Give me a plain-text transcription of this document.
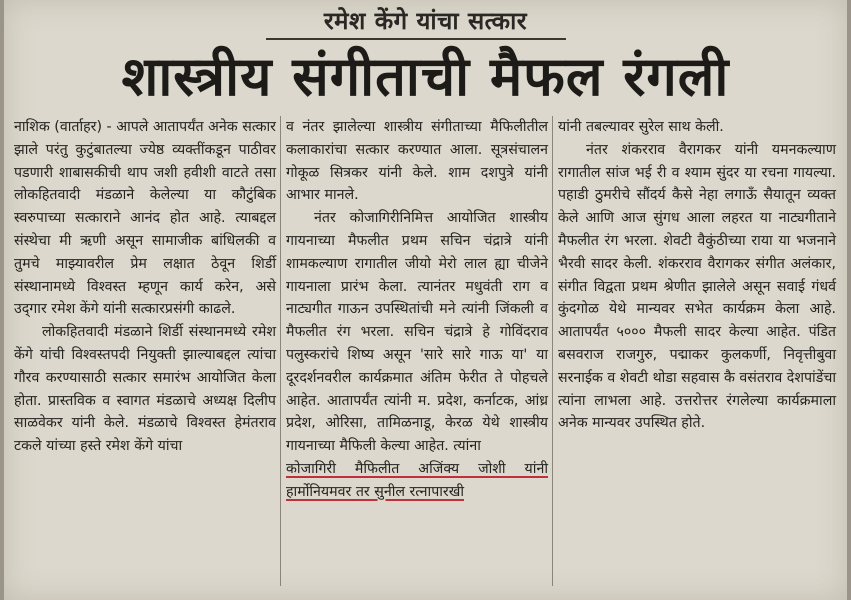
रमेश केंगे यांचा सत्कार
शास्त्रीय संगीताची मैफल रंगली

नाशिक (वार्ताहर) - आपले आतापर्यंत अनेक सत्कार झाले परंतु कुटुंबातल्या ज्येष्ठ व्यक्तींकडून पाठीवर पडणारी शाबासकीची थाप जशी हवीशी वाटते तसा लोकहितवादी मंडळाने केलेल्या या कौटुंबिक स्वरुपाच्या सत्काराने आनंद होत आहे. त्याबद्दल संस्थेचा मी ऋणी असून सामाजीक बांधिलकी व तुमचे माझ्यावरील प्रेम लक्षात ठेवून शिर्डी संस्थानामध्ये विश्वस्त म्हणून कार्य करेन, असे उद्‌गार रमेश केंगे यांनी सत्कारप्रसंगी काढले.

लोकहितवादी मंडळाने शिर्डी संस्थानमध्ये रमेश केंगे यांची विश्वस्तपदी नियुक्ती झाल्याबद्दल त्यांचा गौरव करण्यासाठी सत्कार समारंभ आयोजित केला होता. प्रास्तविक व स्वागत मंडळाचे अध्यक्ष दिलीप साळवेकर यांनी केले. मंडळाचे विश्वस्त हेमंतराव टकले यांच्या हस्ते रमेश केंगे यांचा

व नंतर झालेल्या शास्त्रीय संगीताच्या मैफिलीतील कलाकारांचा सत्कार करण्यात आला. सूत्रसंचालन गोकूळ सित्रकर यांनी केले. शाम दशपुत्रे यांनी आभार मानले.

नंतर कोजागिरीनिमित्त आयोजित शास्त्रीय गायनाच्या मैफलीत प्रथम सचिन चंद्रात्रे यांनी शामकल्याण रागातील जीयो मेरो लाल ह्या चीजेने गायनाला प्रारंभ केला. त्यानंतर मधुवंती राग व नाट्यगीत गाऊन उपस्थितांची मने त्यांनी जिंकली व मैफलीत रंग भरला. सचिन चंद्रात्रे हे गोविंदराव पलुस्करांचे शिष्य असून 'सारे सारे गाऊ या' या दूरदर्शनवरील कार्यक्रमात अंतिम फेरीत ते पोहचले आहेत. आतापर्यंत त्यांनी म. प्रदेश, कर्नाटक, आंध्र प्रदेश, ओरिसा, तामिळनाडू, केरळ येथे शास्त्रीय गायनाच्या मैफिली केल्या आहेत. त्यांना

कोजागिरी मैफिलीत अजिंक्य जोशी यांनी हार्मोनियमवर तर सुनील रत्नापारखी

यांनी तबल्यावर सुरेल साथ केली.

नंतर शंकरराव वैरागकर यांनी यमनकल्याण रागातील सांज भई री व श्याम सुंदर या रचना गायल्या. पहाडी ठुमरीचे सौंदर्य कैसे नेहा लगाऊँ सैयातून व्यक्त केले आणि आज सुंगध आला लहरत या नाट्यगीताने मैफलीत रंग भरला. शेवटी वैकुंठीच्या राया या भजनाने भैरवी सादर केली. शंकरराव वैरागकर संगीत अलंकार, संगीत विद्वता प्रथम श्रेणीत झालेले असून सवाई गंधर्व कुंदगोळ येथे मान्यवर सभेत कार्यक्रम केला आहे. आतापर्यंत ५००० मैफली सादर केल्या आहेत. पंडित बसवराज राजगुरु, पद्माकर कुलकर्णी, निवृत्तीबुवा सरनाईक व शेवटी थोडा सहवास कै वसंतराव देशपांडेंचा त्यांना लाभला आहे. उत्तरोत्तर रंगलेल्या कार्यक्रमाला अनेक मान्यवर उपस्थित होते.
